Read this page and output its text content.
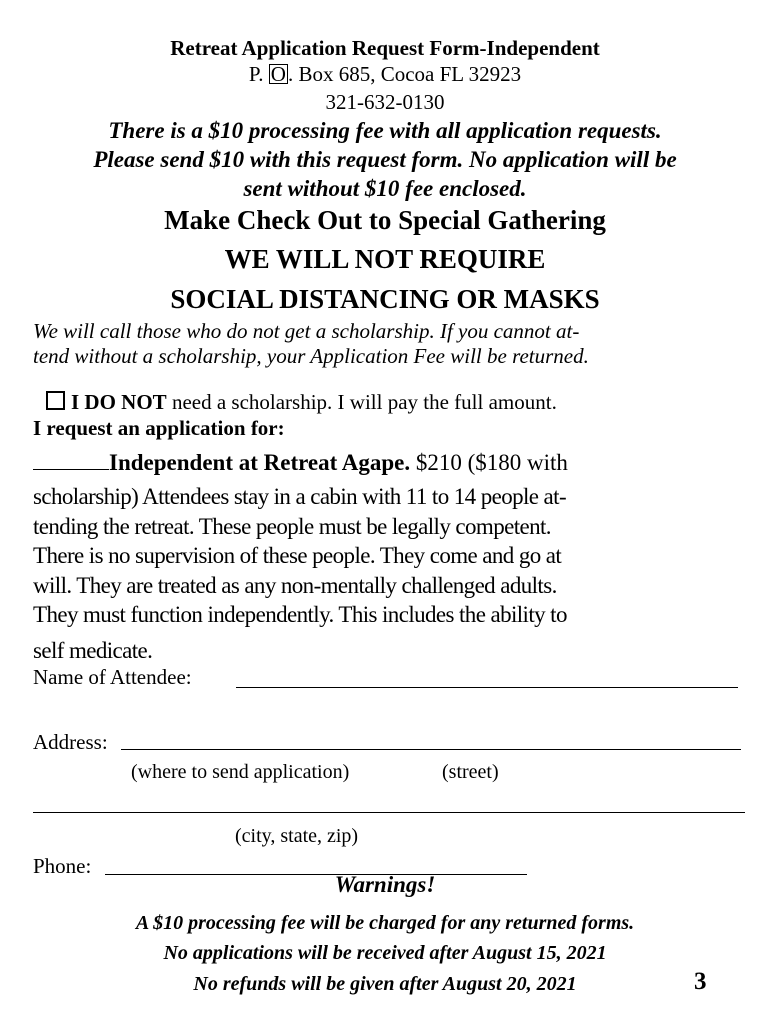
Retreat Application Request Form-Independent
P. O. Box 685, Cocoa FL 32923
321-632-0130
There is a $10 processing fee with all application requests.
Please send $10 with this request form. No application will be
sent without $10 fee enclosed.
Make Check Out to Special Gathering
WE WILL NOT REQUIRE
SOCIAL DISTANCING OR MASKS
We will call those who do not get a scholarship. If you cannot at-
tend without a scholarship, your Application Fee will be returned.
I DO NOT need a scholarship. I will pay the full amount.
I request an application for:
Independent at Retreat Agape. $210 ($180 with
scholarship) Attendees stay in a cabin with 11 to 14 people at-
tending the retreat. These people must be legally competent.
There is no supervision of these people. They come and go at
will. They are treated as any non-mentally challenged adults.
They must function independently. This includes the ability to
self medicate.
Name of Attendee:
Address:
(where to send application)	(street)
(city, state, zip)
Phone:
Warnings!
A $10 processing fee will be charged for any returned forms.
No applications will be received after August 15, 2021
No refunds will be given after August 20, 2021	3
